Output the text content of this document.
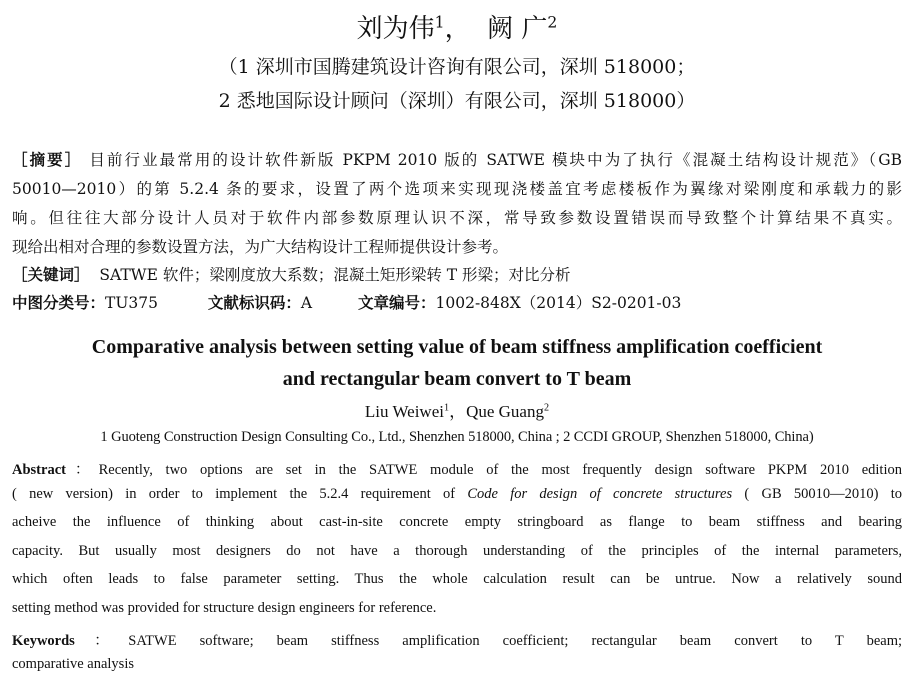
刘为伟$^1$， 阙 广$^2$
（1 深圳市国腾建筑设计咨询有限公司，深圳 518000；
2 悉地国际设计顾问（深圳）有限公司，深圳 518000）
［摘要］ 目前行业最常用的设计软件新版 PKPM 2010 版的 SATWE 模块中为了执行《混凝土结构设计规范》（GB
50010—2010）的第 5.2.4 条的要求，设置了两个选项来实现现浇楼盖宜考虑楼板作为翼缘对梁刚度和承载力的影
响。但往往大部分设计人员对于软件内部参数原理认识不深，常导致参数设置错误而导致整个计算结果不真实。
现给出相对合理的参数设置方法，为广大结构设计工程师提供设计参考。
［关键词］ SATWE 软件；梁刚度放大系数；混凝土矩形梁转 T 形梁；对比分析
中图分类号：TU375	文献标识码：A	文章编号：1002-848X（2014）S2-0201-03
Comparative analysis between setting value of beam stiffness amplification coefficient
and rectangular beam convert to T beam
Liu Weiwei$^1$，Que Guang$^2$
1 Guoteng Construction Design Consulting Co., Ltd., Shenzhen 518000, China ; 2 CCDI GROUP, Shenzhen 518000, China)
Abstract：Recently, two options are set in the SATWE module of the most frequently design software PKPM 2010 edition
( new version) in order to implement the 5.2.4 requirement of Code for design of concrete structures ( GB 50010—2010) to
acheive the influence of thinking about cast-in-site concrete empty stringboard as flange to beam stiffness and bearing
capacity. But usually most designers do not have a thorough understanding of the principles of the internal parameters,
which often leads to false parameter setting. Thus the whole calculation result can be untrue. Now a relatively sound
setting method was provided for structure design engineers for reference.
Keywords：SATWE software; beam stiffness amplification coefficient; rectangular beam convert to T beam;
comparative analysis
